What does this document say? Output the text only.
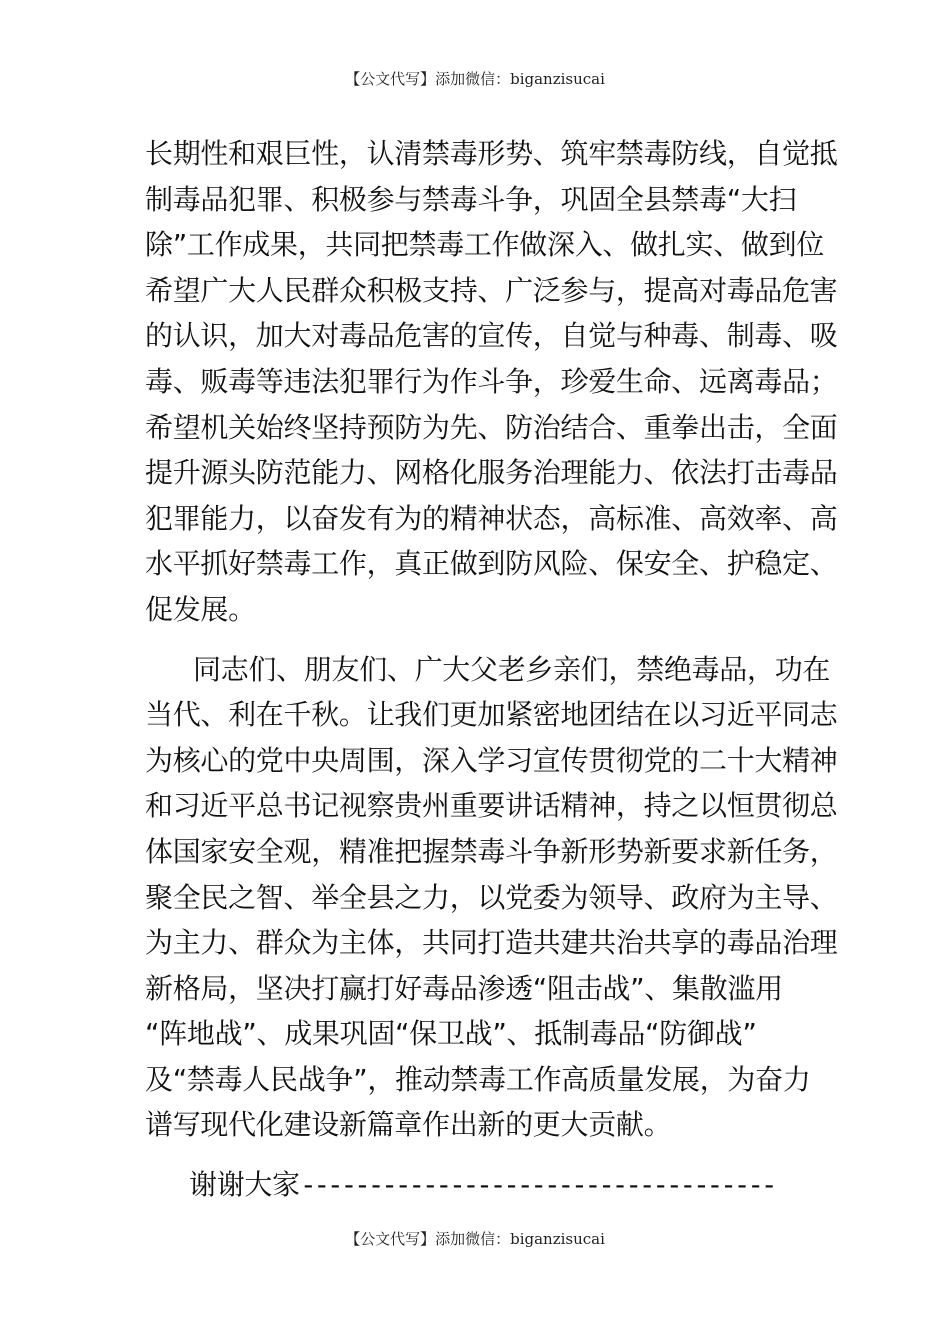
【公文代写】添加微信：biganzisucai
长期性和艰巨性，认清禁毒形势、筑牢禁毒防线，自觉抵
制毒品犯罪、积极参与禁毒斗争，巩固全县禁毒“大扫
除”工作成果，共同把禁毒工作做深入、做扎实、做到位
希望广大人民群众积极支持、广泛参与，提高对毒品危害
的认识，加大对毒品危害的宣传，自觉与种毒、制毒、吸
毒、贩毒等违法犯罪行为作斗争，珍爱生命、远离毒品；
希望机关始终坚持预防为先、防治结合、重拳出击，全面
提升源头防范能力、网格化服务治理能力、依法打击毒品
犯罪能力，以奋发有为的精神状态，高标准、高效率、高
水平抓好禁毒工作，真正做到防风险、保安全、护稳定、
促发展。
同志们、朋友们、广大父老乡亲们，禁绝毒品，功在
当代、利在千秋。让我们更加紧密地团结在以习近平同志
为核心的党中央周围，深入学习宣传贯彻党的二十大精神
和习近平总书记视察贵州重要讲话精神，持之以恒贯彻总
体国家安全观，精准把握禁毒斗争新形势新要求新任务，
聚全民之智、举全县之力，以党委为领导、政府为主导、
为主力、群众为主体，共同打造共建共治共享的毒品治理
新格局，坚决打赢打好毒品渗透“阻击战”、集散滥用
“阵地战”、成果巩固“保卫战”、抵制毒品“防御战”
及“禁毒人民战争”，推动禁毒工作高质量发展，为奋力
谱写现代化建设新篇章作出新的更大贡献。
谢谢大家-----------------------------------
【公文代写】添加微信：biganzisucai
